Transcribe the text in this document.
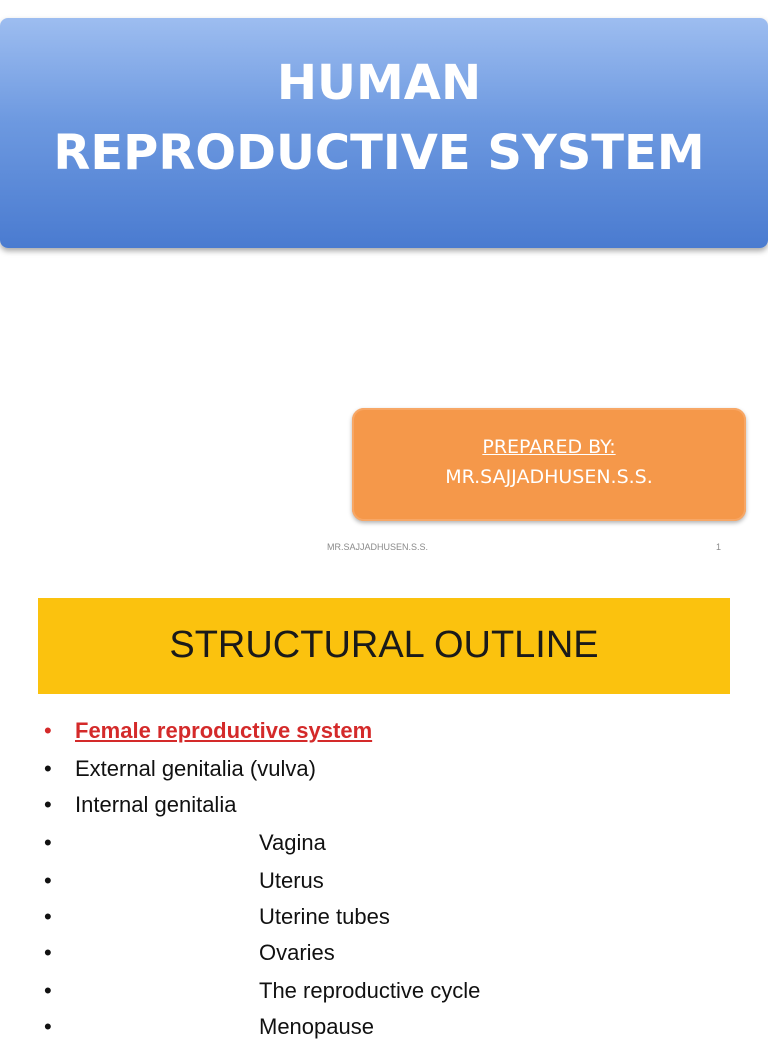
HUMAN
REPRODUCTIVE SYSTEM
PREPARED BY:
MR.SAJJADHUSEN.S.S.
MR.SAJJADHUSEN.S.S.	1
STRUCTURAL OUTLINE
• Female reproductive system
• External genitalia (vulva)
• Internal genitalia
•	Vagina
•	Uterus
•	Uterine tubes
•	Ovaries
•	The reproductive cycle
•	Menopause
